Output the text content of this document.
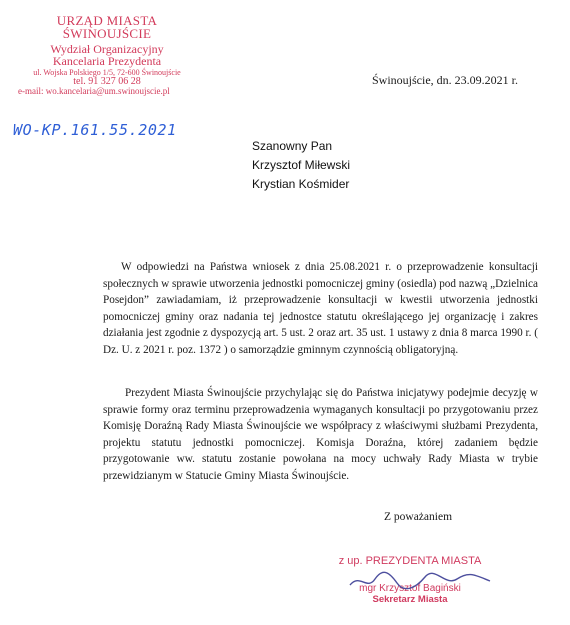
URZĄD MIASTA ŚWINOUJŚCIE
Wydział Organizacyjny
Kancelaria Prezydenta
ul. Wojska Polskiego 1/5, 72-600 Świnoujście
tel. 91 327 06 28
e-mail: wo.kancelaria@um.swinoujscie.pl
Świnoujście, dn. 23.09.2021 r.
WO-KP.161.55.2021
Szanowny Pan
Krzysztof Miłewski
Krystian Kośmider
W odpowiedzi na Państwa wniosek z dnia 25.08.2021 r. o przeprowadzenie konsultacji społecznych w sprawie utworzenia jednostki pomocniczej gminy (osiedla) pod nazwą „Dzielnica Posejdon” zawiadamiam, iż przeprowadzenie konsultacji w kwestii utworzenia jednostki pomocniczej gminy oraz nadania tej jednostce statutu określającego jej organizację i zakres działania jest zgodnie z dyspozycją art. 5 ust. 2 oraz art. 35 ust. 1 ustawy z dnia 8 marca 1990 r. ( Dz. U. z 2021 r. poz. 1372 ) o samorządzie gminnym czynnością obligatoryjną.
Prezydent Miasta Świnoujście przychylając się do Państwa inicjatywy podejmie decyzję w sprawie formy oraz terminu przeprowadzenia wymaganych konsultacji po przygotowaniu przez Komisję Doraźną Rady Miasta Świnoujście we współpracy z właściwymi służbami Prezydenta, projektu statutu jednostki pomocniczej. Komisja Doraźna, której zadaniem będzie przygotowanie ww. statutu zostanie powołana na mocy uchwały Rady Miasta w trybie przewidzianym w Statucie Gminy Miasta Świnoujście.
Z poważaniem
z up. PREZYDENTA MIASTA
mgr Krzysztof Bagiński
Sekretarz Miasta
